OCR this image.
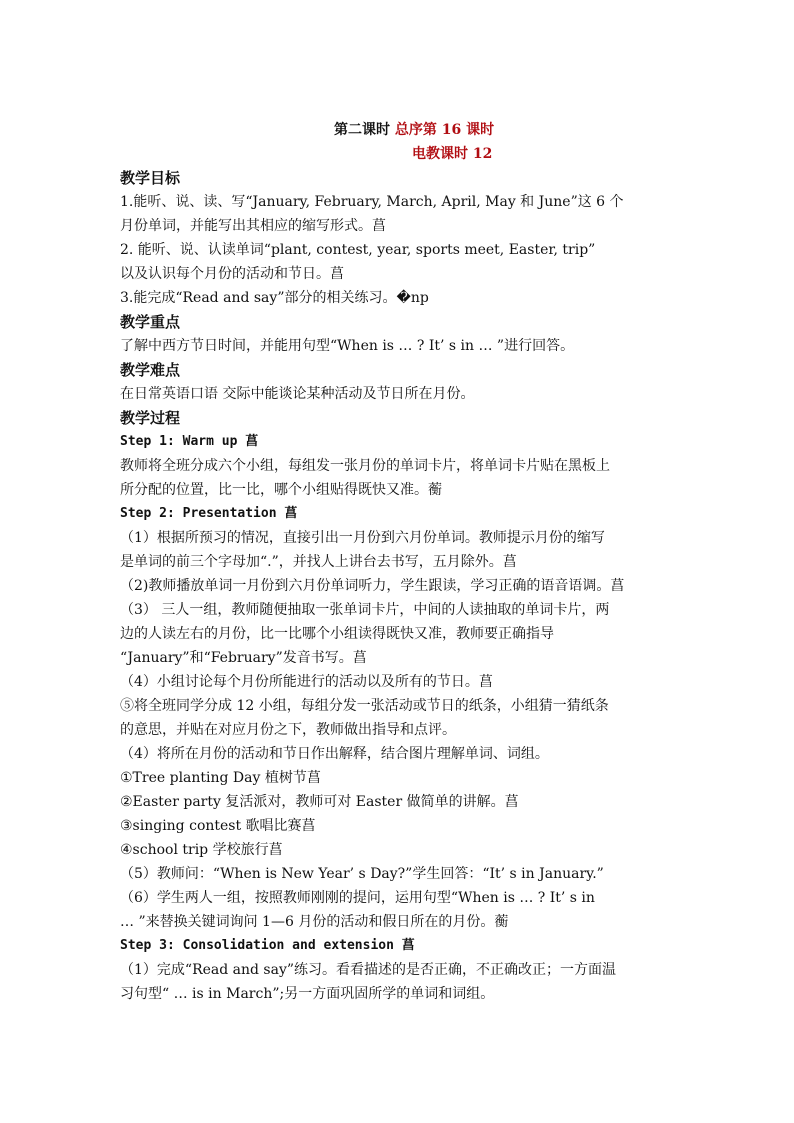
第二课时 总序第 16 课时
电教课时 12
教学目标
1.能听、说、读、写“January, February, March, April, May 和 June”这 6 个
月份单词，并能写出其相应的缩写形式。菖
2. 能听、说、认读单词“plant, contest, year, sports meet, Easter, trip”
以及认识每个月份的活动和节日。菖
3.能完成“Read and say”部分的相关练习。�np
教学重点
了解中西方节日时间，并能用句型“When is … ? It’ s in … ”进行回答。
教学难点
在日常英语口语 交际中能谈论某种活动及节日所在月份。
教学过程
Step 1: Warm up 菖
教师将全班分成六个小组，每组发一张月份的单词卡片，将单词卡片贴在黑板上
所分配的位置，比一比，哪个小组贴得既快又准。蘅
Step 2: Presentation 菖
（1）根据所预习的情况，直接引出一月份到六月份单词。教师提示月份的缩写
是单词的前三个字母加“.”，并找人上讲台去书写，五月除外。菖
（2)教师播放单词一月份到六月份单词听力，学生跟读，学习正确的语音语调。菖
（3） 三人一组，教师随便抽取一张单词卡片，中间的人读抽取的单词卡片，两
边的人读左右的月份，比一比哪个小组读得既快又准，教师要正确指导
“January”和“February”发音书写。菖
（4）小组讨论每个月份所能进行的活动以及所有的节日。菖
⑤将全班同学分成 12 小组，每组分发一张活动或节日的纸条，小组猜一猜纸条
的意思，并贴在对应月份之下，教师做出指导和点评。
（4）将所在月份的活动和节日作出解释，结合图片理解单词、词组。
①Tree planting Day 植树节菖
②Easter party 复活派对，教师可对 Easter 做简单的讲解。菖
③singing contest 歌唱比赛菖
④school trip 学校旅行菖
（5）教师问：“When is New Year’ s Day?”学生回答：“It’ s in January.”
（6）学生两人一组，按照教师刚刚的提问，运用句型“When is … ? It’ s in
… ”来替换关键词询问 1—6 月份的活动和假日所在的月份。蘅
Step 3: Consolidation and extension 菖
（1）完成“Read and say”练习。看看描述的是否正确，不正确改正；一方面温
习句型“ … is in March”;另一方面巩固所学的单词和词组。
